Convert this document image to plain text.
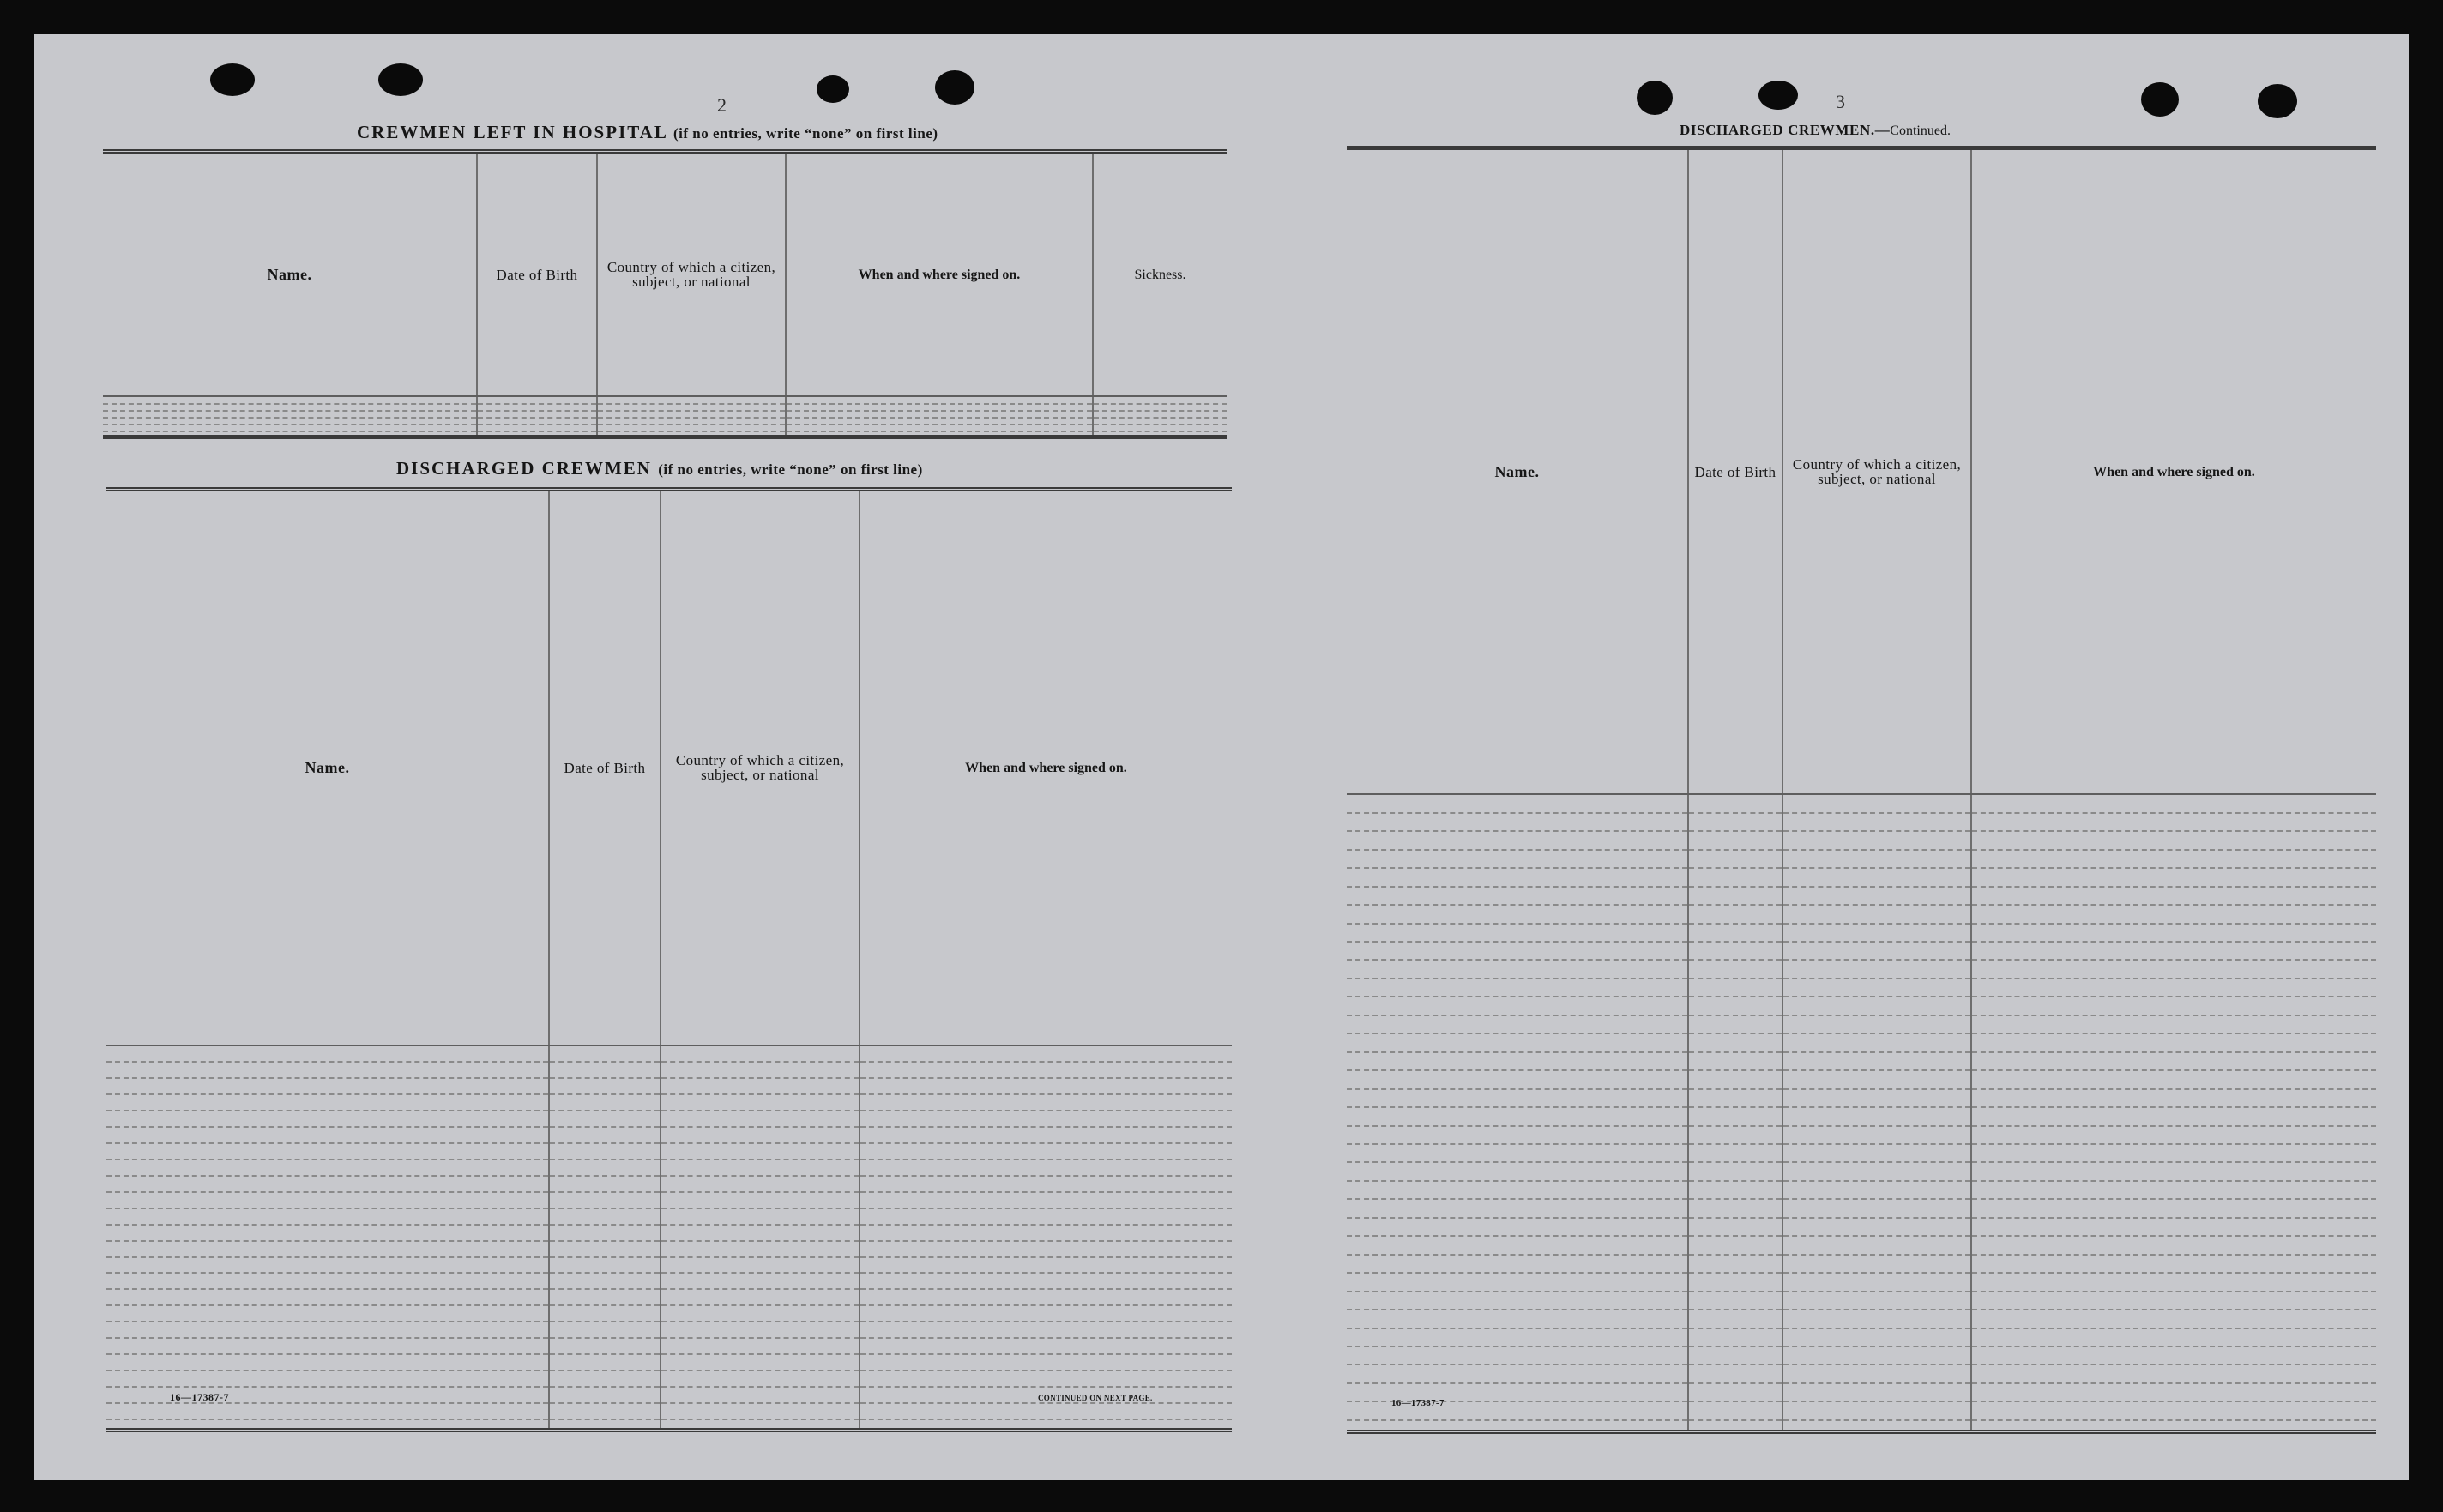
2
CREWMEN LEFT IN HOSPITAL (if no entries, write “none” on first line)
Name.	Date of Birth	Country of which a citizen, subject, or national	When and where signed on.	Sickness.

DISCHARGED CREWMEN (if no entries, write “none” on first line)
Name.	Date of Birth	Country of which a citizen, subject, or national	When and where signed on.

16—17387-7	CONTINUED ON NEXT PAGE.
3
DISCHARGED CREWMEN.—Continued.
Name.	Date of Birth	Country of which a citizen, subject, or national	When and where signed on.

16—17387-7
